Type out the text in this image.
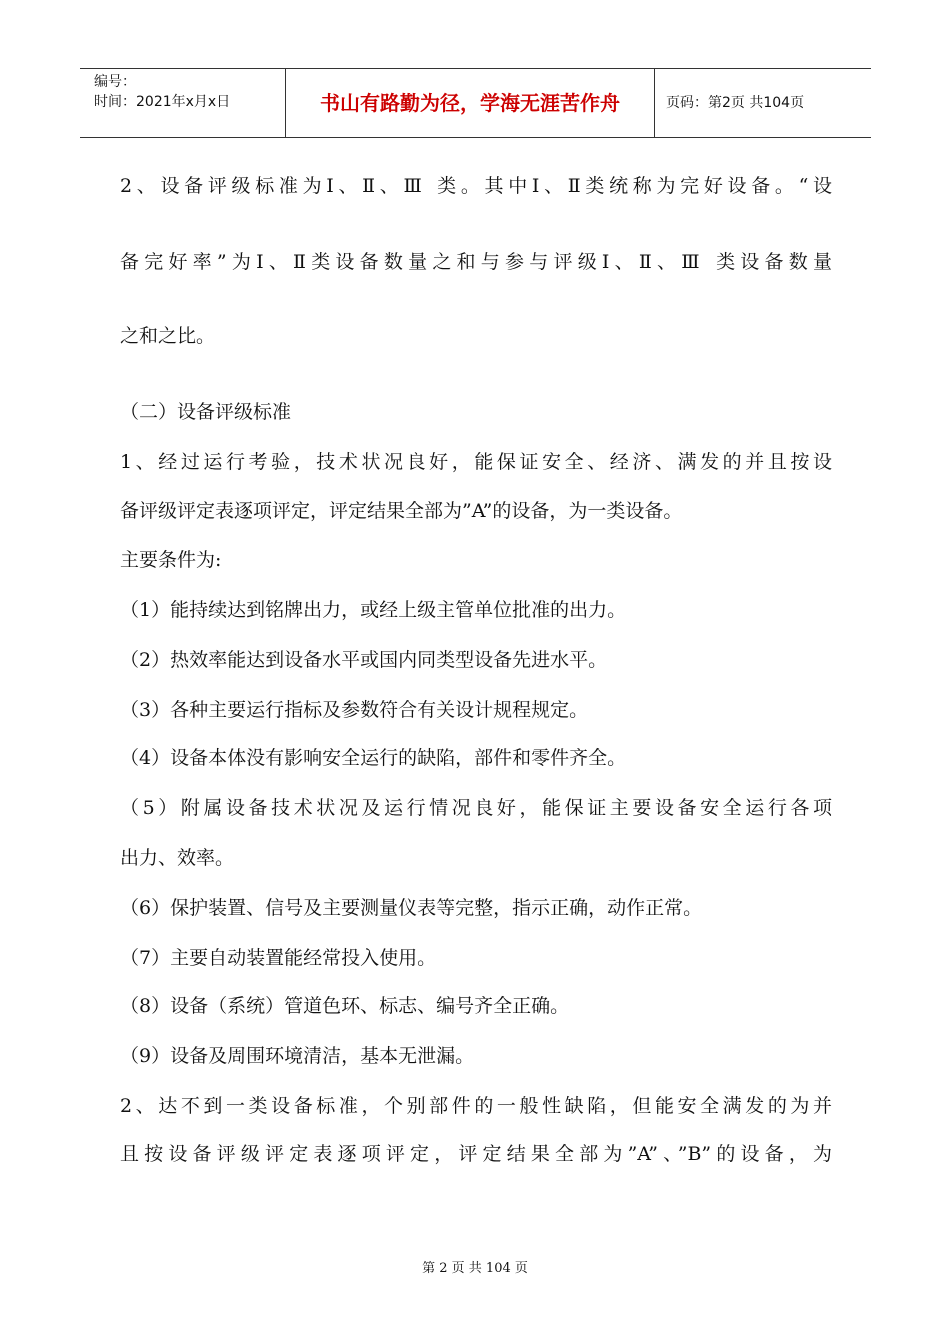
编号：
时间：2021年x月x日	书山有路勤为径，学海无涯苦作舟	页码：第2页 共104页
2、设备评级标准为Ⅰ、Ⅱ、Ⅲ 类。其中Ⅰ、Ⅱ类统称为完好设备。“设
备完好率”为Ⅰ、Ⅱ类设备数量之和与参与评级Ⅰ、Ⅱ、Ⅲ 类设备数量
之和之比。
（二）设备评级标准
1、经过运行考验，技术状况良好，能保证安全、经济、满发的并且按设
备评级评定表逐项评定，评定结果全部为”A”的设备，为一类设备。
主要条件为:
（1）能持续达到铭牌出力，或经上级主管单位批准的出力。
（2）热效率能达到设备水平或国内同类型设备先进水平。
（3）各种主要运行指标及参数符合有关设计规程规定。
（4）设备本体没有影响安全运行的缺陷，部件和零件齐全。
（5）附属设备技术状况及运行情况良好，能保证主要设备安全运行各项
出力、效率。
（6）保护装置、信号及主要测量仪表等完整，指示正确，动作正常。
（7）主要自动装置能经常投入使用。
（8）设备（系统）管道色环、标志、编号齐全正确。
（9）设备及周围环境清洁，基本无泄漏。
2、达不到一类设备标准，个别部件的一般性缺陷，但能安全满发的为并
且按设备评级评定表逐项评定，评定结果全部为”A”、”B”的设备，为
第 2 页 共 104 页
